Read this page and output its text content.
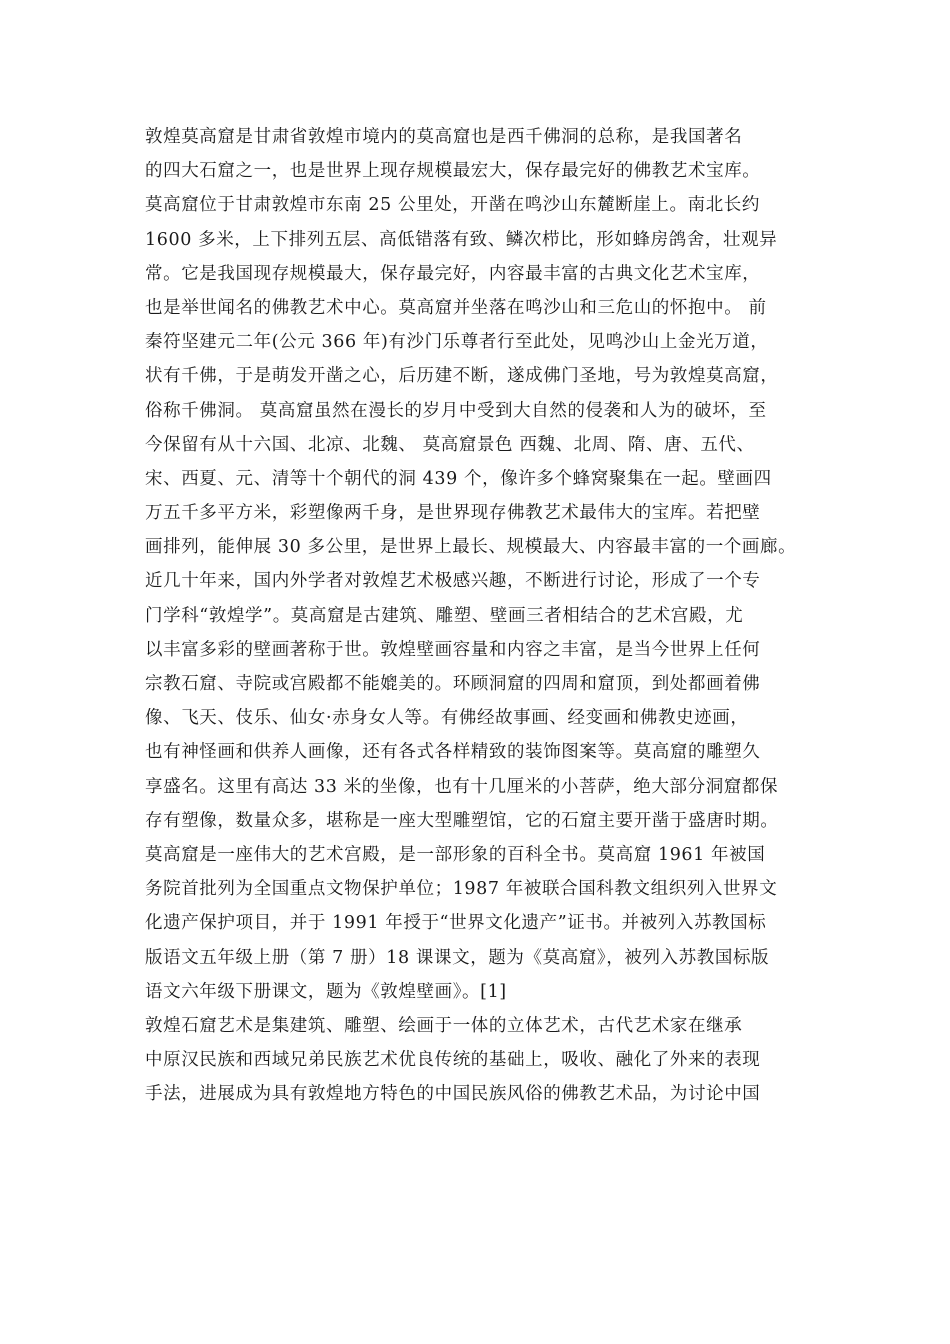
敦煌莫高窟是甘肃省敦煌市境内的莫高窟也是西千佛洞的总称，是我国著名
的四大石窟之一，也是世界上现存规模最宏大，保存最完好的佛教艺术宝库。
莫高窟位于甘肃敦煌市东南 25 公里处，开凿在鸣沙山东麓断崖上。南北长约
1600 多米，上下排列五层、高低错落有致、鳞次栉比，形如蜂房鸽舍，壮观异
常。它是我国现存规模最大，保存最完好，内容最丰富的古典文化艺术宝库，
也是举世闻名的佛教艺术中心。莫高窟并坐落在鸣沙山和三危山的怀抱中。 前
秦符坚建元二年(公元 366 年)有沙门乐尊者行至此处，见鸣沙山上金光万道，
状有千佛，于是萌发开凿之心，后历建不断，遂成佛门圣地，号为敦煌莫高窟，
俗称千佛洞。 莫高窟虽然在漫长的岁月中受到大自然的侵袭和人为的破坏，至
今保留有从十六国、北凉、北魏、 莫高窟景色 西魏、北周、隋、唐、五代、
宋、西夏、元、清等十个朝代的洞 439 个，像许多个蜂窝聚集在一起。壁画四
万五千多平方米，彩塑像两千身，是世界现存佛教艺术最伟大的宝库。若把壁
画排列，能伸展 30 多公里，是世界上最长、规模最大、内容最丰富的一个画廊。
近几十年来，国内外学者对敦煌艺术极感兴趣，不断进行讨论，形成了一个专
门学科“敦煌学”。莫高窟是古建筑、雕塑、壁画三者相结合的艺术宫殿，尤
以丰富多彩的壁画著称于世。敦煌壁画容量和内容之丰富，是当今世界上任何
宗教石窟、寺院或宫殿都不能媲美的。环顾洞窟的四周和窟顶，到处都画着佛
像、飞天、伎乐、仙女·赤身女人等。有佛经故事画、经变画和佛教史迹画，
也有神怪画和供养人画像，还有各式各样精致的装饰图案等。莫高窟的雕塑久
享盛名。这里有高达 33 米的坐像，也有十几厘米的小菩萨，绝大部分洞窟都保
存有塑像，数量众多，堪称是一座大型雕塑馆，它的石窟主要开凿于盛唐时期。
莫高窟是一座伟大的艺术宫殿，是一部形象的百科全书。莫高窟 1961 年被国
务院首批列为全国重点文物保护单位；1987 年被联合国科教文组织列入世界文
化遗产保护项目，并于 1991 年授于“世界文化遗产”证书。并被列入苏教国标
版语文五年级上册（第 7 册）18 课课文，题为《莫高窟》，被列入苏教国标版
语文六年级下册课文，题为《敦煌壁画》。[1]
敦煌石窟艺术是集建筑、雕塑、绘画于一体的立体艺术，古代艺术家在继承
中原汉民族和西域兄弟民族艺术优良传统的基础上，吸收、融化了外来的表现
手法，进展成为具有敦煌地方特色的中国民族风俗的佛教艺术品，为讨论中国
